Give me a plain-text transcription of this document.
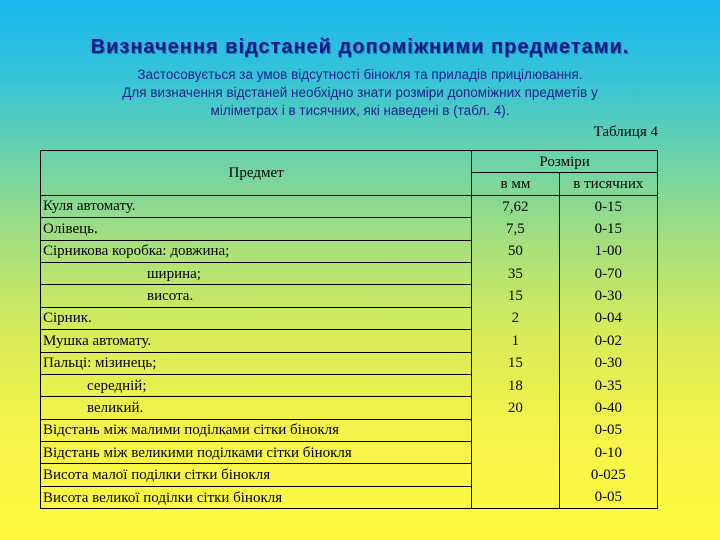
Визначення відстаней допоміжними предметами.
Застосовується за умов відсутності бінокля та приладів прицілювання.
Для визначення відстаней необхідно знати розміри допоміжних предметів у
міліметрах і в тисячних, які наведені в (табл. 4).
Таблиця 4
Предмет	Розміри	
	в мм	в тисячних
Куля автомату.	7,62	0-15
Олівець.	7,5	0-15
Сірникова коробка: довжина;	50	1-00
ширина;	35	0-70
висота.	15	0-30
Сірник.	2	0-04
Мушка автомату.	1	0-02
Пальці: мізинець;	15	0-30
середній;	18	0-35
великий.	20	0-40
Відстань між малими поділками сітки бінокля		0-05
Відстань між великими поділками сітки бінокля		0-10
Висота малої поділки сітки бінокля		0-025
Висота великої поділки сітки бінокля		0-05
